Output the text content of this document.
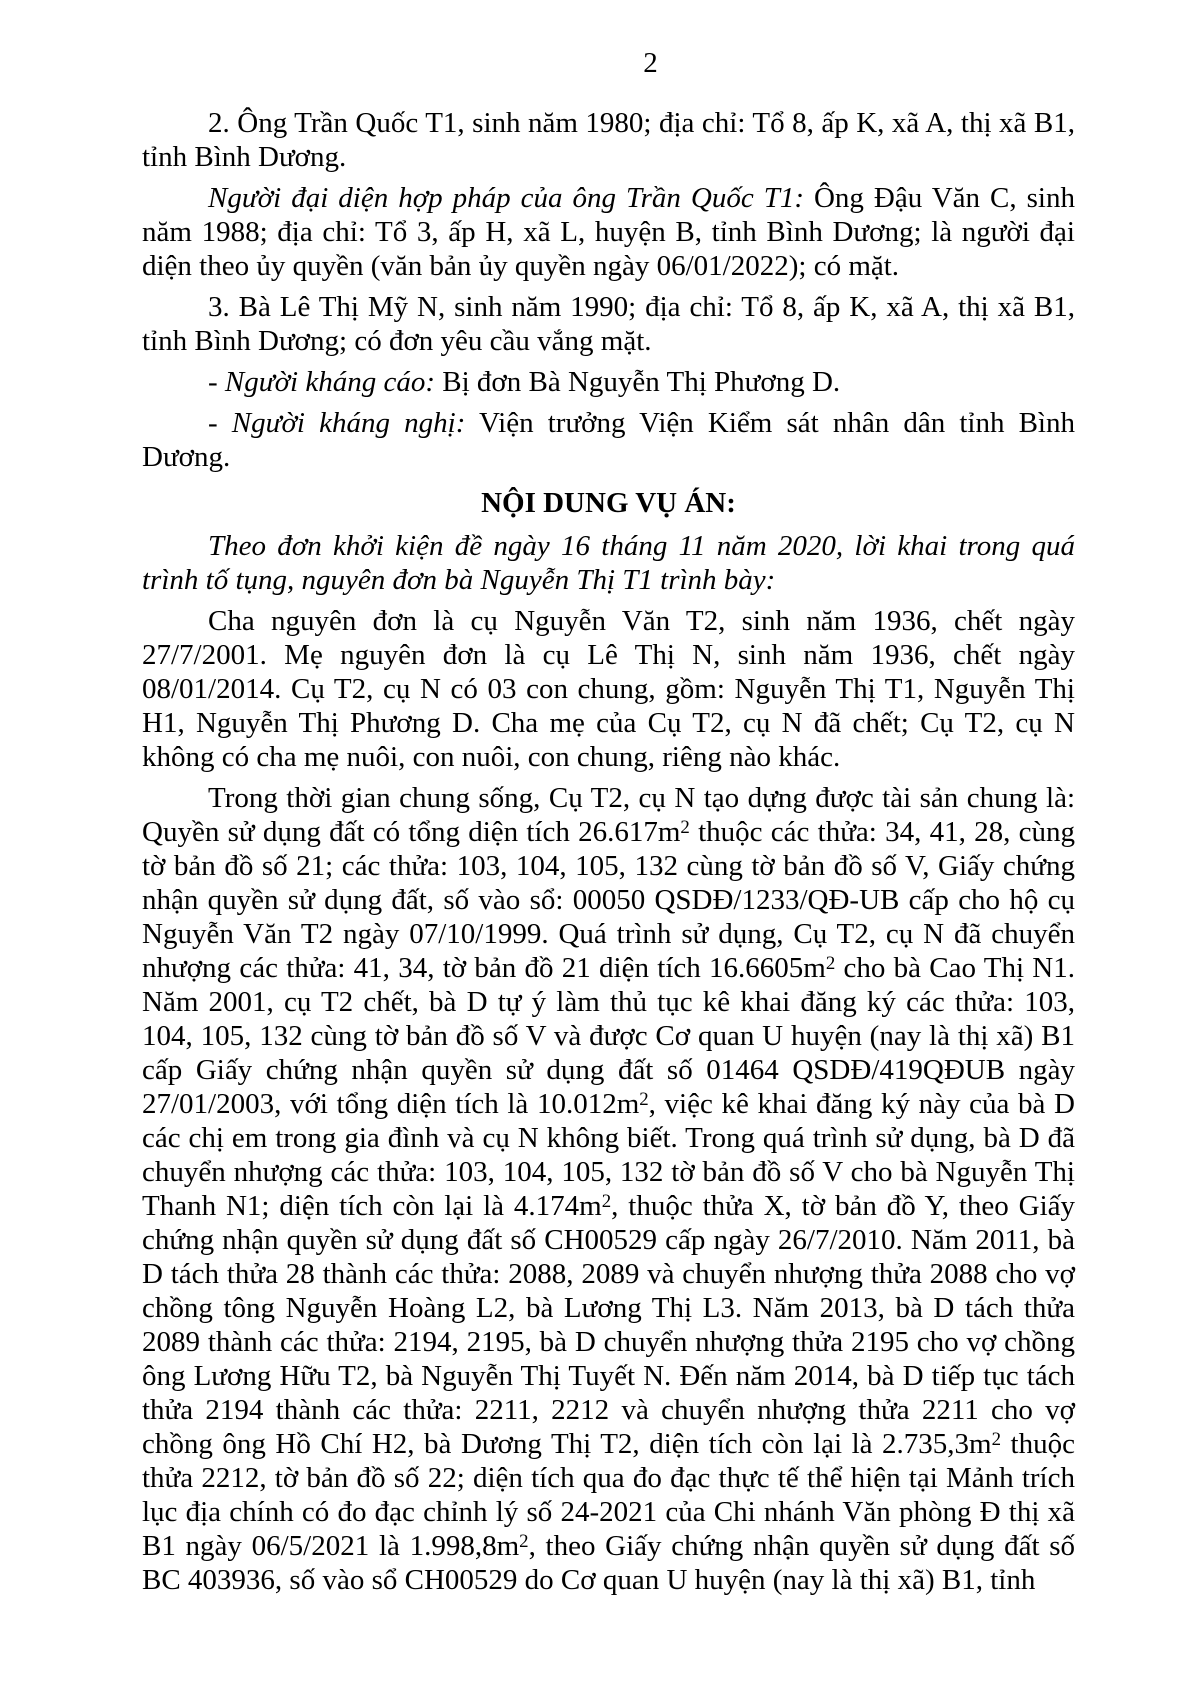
2

2. Ông Trần Quốc T1, sinh năm 1980; địa chỉ: Tổ 8, ấp K, xã A, thị xã B1, tỉnh Bình Dương.

Người đại diện hợp pháp của ông Trần Quốc T1: Ông Đậu Văn C, sinh năm 1988; địa chỉ: Tổ 3, ấp H, xã L, huyện B, tỉnh Bình Dương; là người đại diện theo ủy quyền (văn bản ủy quyền ngày 06/01/2022); có mặt.

3. Bà Lê Thị Mỹ N, sinh năm 1990; địa chỉ: Tổ 8, ấp K, xã A, thị xã B1, tỉnh Bình Dương; có đơn yêu cầu vắng mặt.

- Người kháng cáo: Bị đơn Bà Nguyễn Thị Phương D.

- Người kháng nghị: Viện trưởng Viện Kiểm sát nhân dân tỉnh Bình Dương.

NỘI DUNG VỤ ÁN:

Theo đơn khởi kiện đề ngày 16 tháng 11 năm 2020, lời khai trong quá trình tố tụng, nguyên đơn bà Nguyễn Thị T1 trình bày:

Cha nguyên đơn là cụ Nguyễn Văn T2, sinh năm 1936, chết ngày 27/7/2001. Mẹ nguyên đơn là cụ Lê Thị N, sinh năm 1936, chết ngày 08/01/2014. Cụ T2, cụ N có 03 con chung, gồm: Nguyễn Thị T1, Nguyễn Thị H1, Nguyễn Thị Phương D. Cha mẹ của Cụ T2, cụ N đã chết; Cụ T2, cụ N không có cha mẹ nuôi, con nuôi, con chung, riêng nào khác.

Trong thời gian chung sống, Cụ T2, cụ N tạo dựng được tài sản chung là: Quyền sử dụng đất có tổng diện tích $26.617m^2$ thuộc các thửa: 34, 41, 28, cùng tờ bản đồ số 21; các thửa: 103, 104, 105, 132 cùng tờ bản đồ số V, Giấy chứng nhận quyền sử dụng đất, số vào sổ: 00050 QSDĐ/1233/QĐ-UB cấp cho hộ cụ Nguyễn Văn T2 ngày 07/10/1999. Quá trình sử dụng, Cụ T2, cụ N đã chuyển nhượng các thửa: 41, 34, tờ bản đồ 21 diện tích $16.6605m^2$ cho bà Cao Thị N1. Năm 2001, cụ T2 chết, bà D tự ý làm thủ tục kê khai đăng ký các thửa: 103, 104, 105, 132 cùng tờ bản đồ số V và được Cơ quan U huyện (nay là thị xã) B1 cấp Giấy chứng nhận quyền sử dụng đất số 01464 QSDĐ/419QĐUB ngày 27/01/2003, với tổng diện tích là $10.012m^2$, việc kê khai đăng ký này của bà D các chị em trong gia đình và cụ N không biết. Trong quá trình sử dụng, bà D đã chuyển nhượng các thửa: 103, 104, 105, 132 tờ bản đồ số V cho bà Nguyễn Thị Thanh N1; diện tích còn lại là $4.174m^2$, thuộc thửa X, tờ bản đồ Y, theo Giấy chứng nhận quyền sử dụng đất số CH00529 cấp ngày 26/7/2010. Năm 2011, bà D tách thửa 28 thành các thửa: 2088, 2089 và chuyển nhượng thửa 2088 cho vợ chồng tông Nguyễn Hoàng L2, bà Lương Thị L3. Năm 2013, bà D tách thửa 2089 thành các thửa: 2194, 2195, bà D chuyển nhượng thửa 2195 cho vợ chồng ông Lương Hữu T2, bà Nguyễn Thị Tuyết N. Đến năm 2014, bà D tiếp tục tách thửa 2194 thành các thửa: 2211, 2212 và chuyển nhượng thửa 2211 cho vợ chồng ông Hồ Chí H2, bà Dương Thị T2, diện tích còn lại là $2.735,3m^2$ thuộc thửa 2212, tờ bản đồ số 22; diện tích qua đo đạc thực tế thể hiện tại Mảnh trích lục địa chính có đo đạc chỉnh lý số 24-2021 của Chi nhánh Văn phòng Đ thị xã B1 ngày 06/5/2021 là $1.998,8m^2$, theo Giấy chứng nhận quyền sử dụng đất số BC 403936, số vào sổ CH00529 do Cơ quan U huyện (nay là thị xã) B1, tỉnh
